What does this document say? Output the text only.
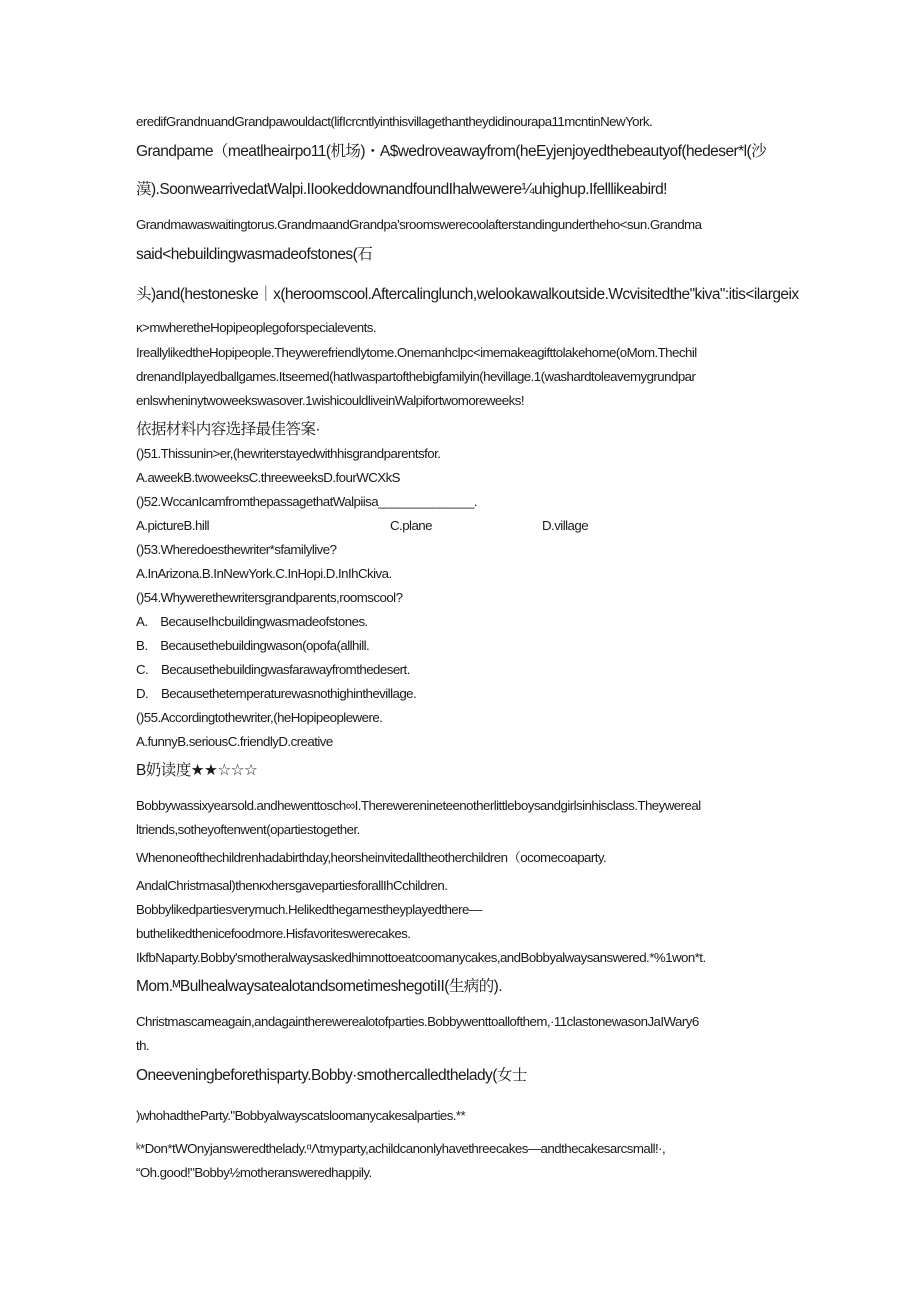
eredifGrandnuandGrandpawouldact(lifIcrcntlyinthisvillagethantheydidinourapa11mcntinNewYork.
Grandpame（meatlheairpo11(机场)・A$wedroveawayfrom(heEyjenjoyedthebeautyof(hedeser*l(沙
漠).SoonwearrivedatWalpi.IIookeddownandfoundIhalwewere¼uhighup.Ifelllikeabird!
Grandmawaswaitingtorus.GrandmaandGrandpa'sroomswerecoolafterstandingundertheho<sun.Grandma
said<hebuildingwasmadeofstones(石
头)and(hestoneske｜x(heroomscool.Aftercalinglunch,welookawalkoutside.Wcvisitedthe"kiva":itis<ilargeix
κ>mwheretheHopipeoplegoforspecialevents.
IreallylikedtheHopipeople.Theywerefriendlytome.Onemanhclpc<imemakeagifttolakehome(oMom.Thechil
drenandIplayedballgames.Itseemed(hatIwaspartofthebigfamilyin(hevillage.1(washardtoleavemygrundpar
enlswheninytwoweekswasover.1wishicouldliveinWalpifortwomoreweeks!
依据材料内容选择最佳答案·
()51.Thissunin>er,(hewriterstayedwithhisgrandparentsfor.
A.aweekB.twoweeksC.threeweeksD.fourWCXkS
()52.WccanIcamfromthepassagethatWalpiisa______________.
A.pictureB.hill	C.plane	D.village
()53.Wheredoesthewriter*sfamilylive?
A.InArizona.B.InNewYork.C.InHopi.D.InIhCkiva.
()54.Whywerethewritersgrandparents,roomscool?
A. BecauseIhcbuildingwasmadeofstones.
B. Becausethebuildingwason(opofa(allhill.
C. Becausethebuildingwasfarawayfromthedesert.
D. Becausethetemperaturewasnothighinthevillage.
()55.Accordingtothewriter,(heHopipeoplewere.
A.funnyB.seriousC.friendlyD.creative
B奶读度★★☆☆☆
Bobbywassixyearsold.andhewenttosch∞I.Therewerenineteenotherlittleboysandgirlsinhisclass.Theywereal
ltriends,sotheyoftenwent(opartiestogether.
Whenoneofthechildrenhadabirthday,heorsheinvitedalltheotherchildren（ocomecoaparty.
AndalChristmasal)thenκxhersgavepartiesforallIhCchildren.
Bobbylikedpartiesverymuch.Helikedthegamestheyplayedthere—
butheIikedthenicefoodmore.Hisfavoriteswerecakes.
IkfbNaparty.Bobby'smotheralwaysaskedhimnottoeatcoomanycakes,andBobbyalwaysanswered.*%1won*t.
Mom.ᴹBulhealwaysatealotandsometimeshegotiII(生病的).
Christmascameagain,andagaintherewerealotofparties.Bobbywenttoallofthem,·11clastonewasonJaIWary6
th.
Oneeveningbeforethisparty.Bobby·smothercalledthelady(女士
)whohadtheParty."Bobbyalwayscatsloomanycakesalparties.**
ᵏ*Don*tWOnyjansweredthelady.ᵅΛtmyparty,achildcanonlyhavethreecakes—andthecakesarcsmall!·,
“Oh.good!"Bobby½motheransweredhappily.
